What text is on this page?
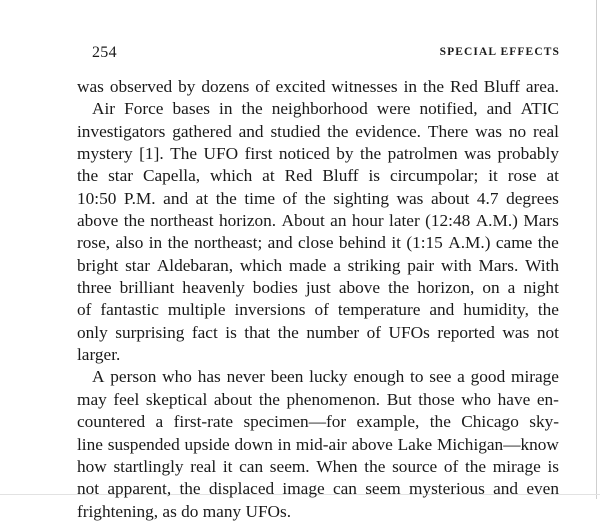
254	SPECIAL EFFECTS
was observed by dozens of excited witnesses in the Red Bluff area.
Air Force bases in the neighborhood were notified, and ATIC
investigators gathered and studied the evidence. There was no real
mystery [1]. The UFO first noticed by the patrolmen was probably
the star Capella, which at Red Bluff is circumpolar; it rose at
10:50 P.M. and at the time of the sighting was about 4.7 degrees
above the northeast horizon. About an hour later (12:48 A.M.) Mars
rose, also in the northeast; and close behind it (1:15 A.M.) came the
bright star Aldebaran, which made a striking pair with Mars. With
three brilliant heavenly bodies just above the horizon, on a night
of fantastic multiple inversions of temperature and humidity, the
only surprising fact is that the number of UFOs reported was not
larger.
A person who has never been lucky enough to see a good mirage
may feel skeptical about the phenomenon. But those who have en-
countered a first-rate specimen—for example, the Chicago sky-
line suspended upside down in mid-air above Lake Michigan—know
how startlingly real it can seem. When the source of the mirage is
not apparent, the displaced image can seem mysterious and even
frightening, as do many UFOs.
